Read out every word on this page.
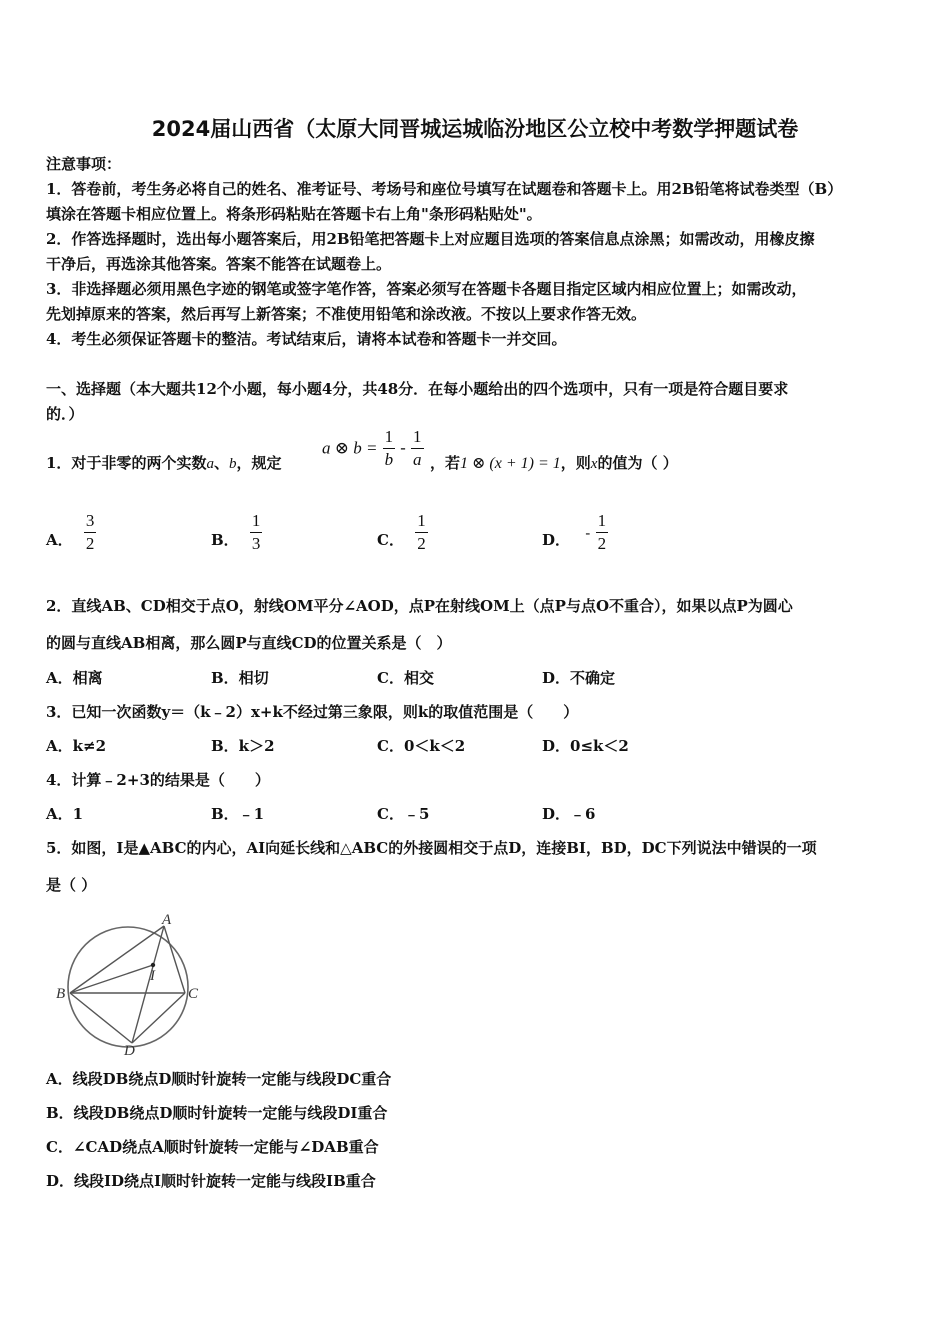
2024届山西省（太原大同晋城运城临汾地区公立校中考数学押题试卷
注意事项：
1．答卷前，考生务必将自己的姓名、准考证号、考场号和座位号填写在试题卷和答题卡上。用2B铅笔将试卷类型（B）
填涂在答题卡相应位置上。将条形码粘贴在答题卡右上角"条形码粘贴处"。
2．作答选择题时，选出每小题答案后，用2B铅笔把答题卡上对应题目选项的答案信息点涂黑；如需改动，用橡皮擦
干净后，再选涂其他答案。答案不能答在试题卷上。
3．非选择题必须用黑色字迹的钢笔或签字笔作答，答案必须写在答题卡各题目指定区域内相应位置上；如需改动，
先划掉原来的答案，然后再写上新答案；不准使用铅笔和涂改液。不按以上要求作答无效。
4．考生必须保证答题卡的整洁。考试结束后，请将本试卷和答题卡一并交回。
一、选择题（本大题共12个小题，每小题4分，共48分．在每小题给出的四个选项中，只有一项是符合题目要求
的．）
1．对于非零的两个实数a、b，规定
a ⊗ $b = \frac{1}{b} - \frac{1}{a}$ ，若1 ⊗ (x + 1) = 1，则x的值为（ ）
A． $\frac{3}{2}$	B． $\frac{1}{3}$	C． $\frac{1}{2}$	D． - $\frac{1}{2}$
2．直线AB、CD相交于点O，射线OM平分∠AOD，点P在射线OM上（点P与点O不重合），如果以点P为圆心
的圆与直线AB相离，那么圆P与直线CD的位置关系是（　）
A．相离	B．相切	C．相交	D．不确定
3．已知一次函数y＝（k﹣2）x+k不经过第三象限，则k的取值范围是（　　）
A．k≠2	B．k＞2	C．0＜k＜2	D．0≤k＜2
4．计算﹣2+3的结果是（　　）
A．1	B．﹣1	C．﹣5	D．﹣6
5．如图，I是▲ABC的内心，AI向延长线和△ABC的外接圆相交于点D，连接BI，BD，DC下列说法中错误的一项
是（ ）
A
B	C
D
I
A．线段DB绕点D顺时针旋转一定能与线段DC重合
B．线段DB绕点D顺时针旋转一定能与线段DI重合
C．∠CAD绕点A顺时针旋转一定能与∠DAB重合
D．线段ID绕点I顺时针旋转一定能与线段IB重合
